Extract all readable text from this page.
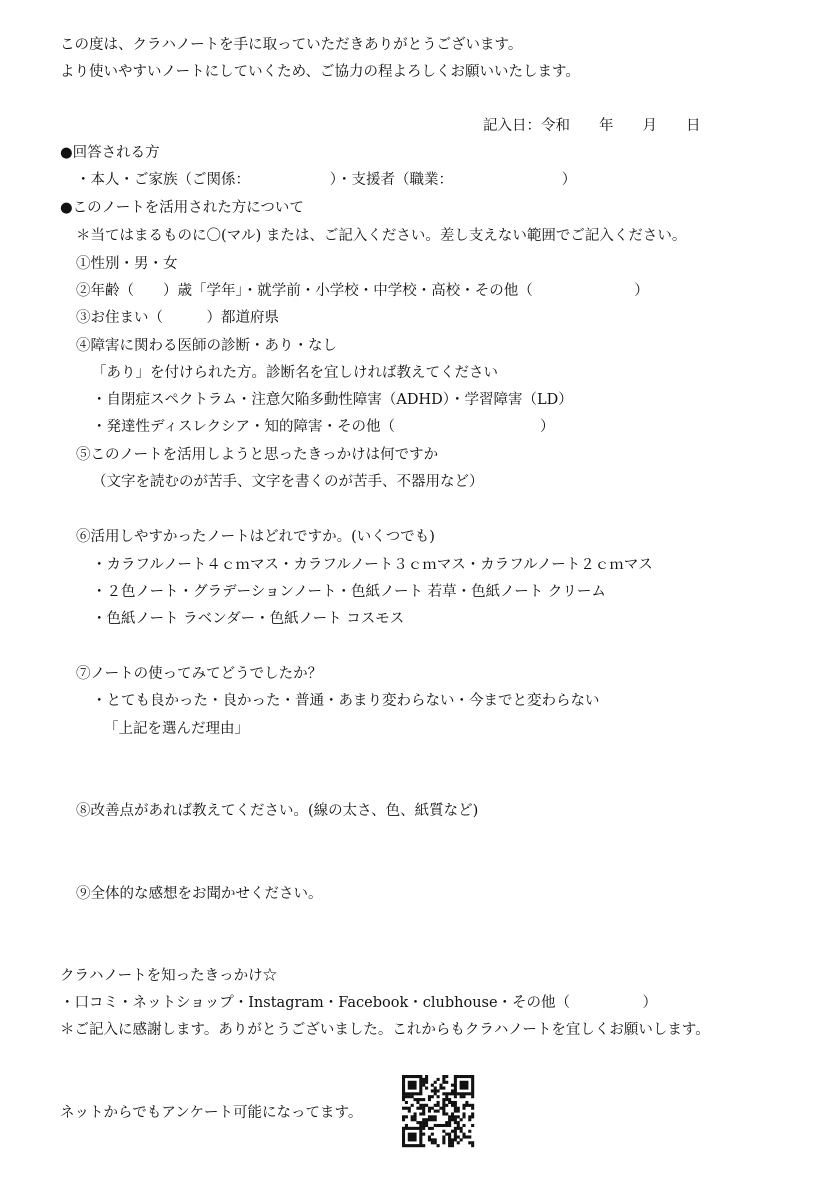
この度は、クラハノートを手に取っていただきありがとうございます。
より使いやすいノートにしていくため、ご協力の程よろしくお願いいたします。
記入日：令和　　年　　月　　日
●回答される方
・本人・ご家族（ご関係：　　　　　　）・支援者（職業：　　　　　　　　）
●このノートを活用された方について
＊当てはまるものに〇(マル) または、ご記入ください。差し支えない範囲でご記入ください。
①性別・男・女
②年齢（　　）歳「学年」・就学前・小学校・中学校・高校・その他（　　　　　　　）
③お住まい（　　　）都道府県
④障害に関わる医師の診断・あり・なし
「あり」を付けられた方。診断名を宜しければ教えてください
・自閉症スペクトラム・注意欠陥多動性障害（ADHD）・学習障害（LD）
・発達性ディスレクシア・知的障害・その他（　　　　　　　　　　）
⑤このノートを活用しようと思ったきっかけは何ですか
（文字を読むのが苦手、文字を書くのが苦手、不器用など）
⑥活用しやすかったノートはどれですか。(いくつでも)
・カラフルノート４ｃｍマス・カラフルノート３ｃｍマス・カラフルノート２ｃｍマス
・２色ノート・グラデーションノート・色紙ノート 若草・色紙ノート クリーム
・色紙ノート ラベンダー・色紙ノート コスモス
⑦ノートの使ってみてどうでしたか？
・とても良かった・良かった・普通・あまり変わらない・今までと変わらない
「上記を選んだ理由」
⑧改善点があれば教えてください。(線の太さ、色、紙質など)
⑨全体的な感想をお聞かせください。
クラハノートを知ったきっかけ☆
・口コミ・ネットショップ・Instagram・Facebook・clubhouse・その他（　　　　　）
＊ご記入に感謝します。ありがとうございました。これからもクラハノートを宜しくお願いします。
ネットからでもアンケート可能になってます。
